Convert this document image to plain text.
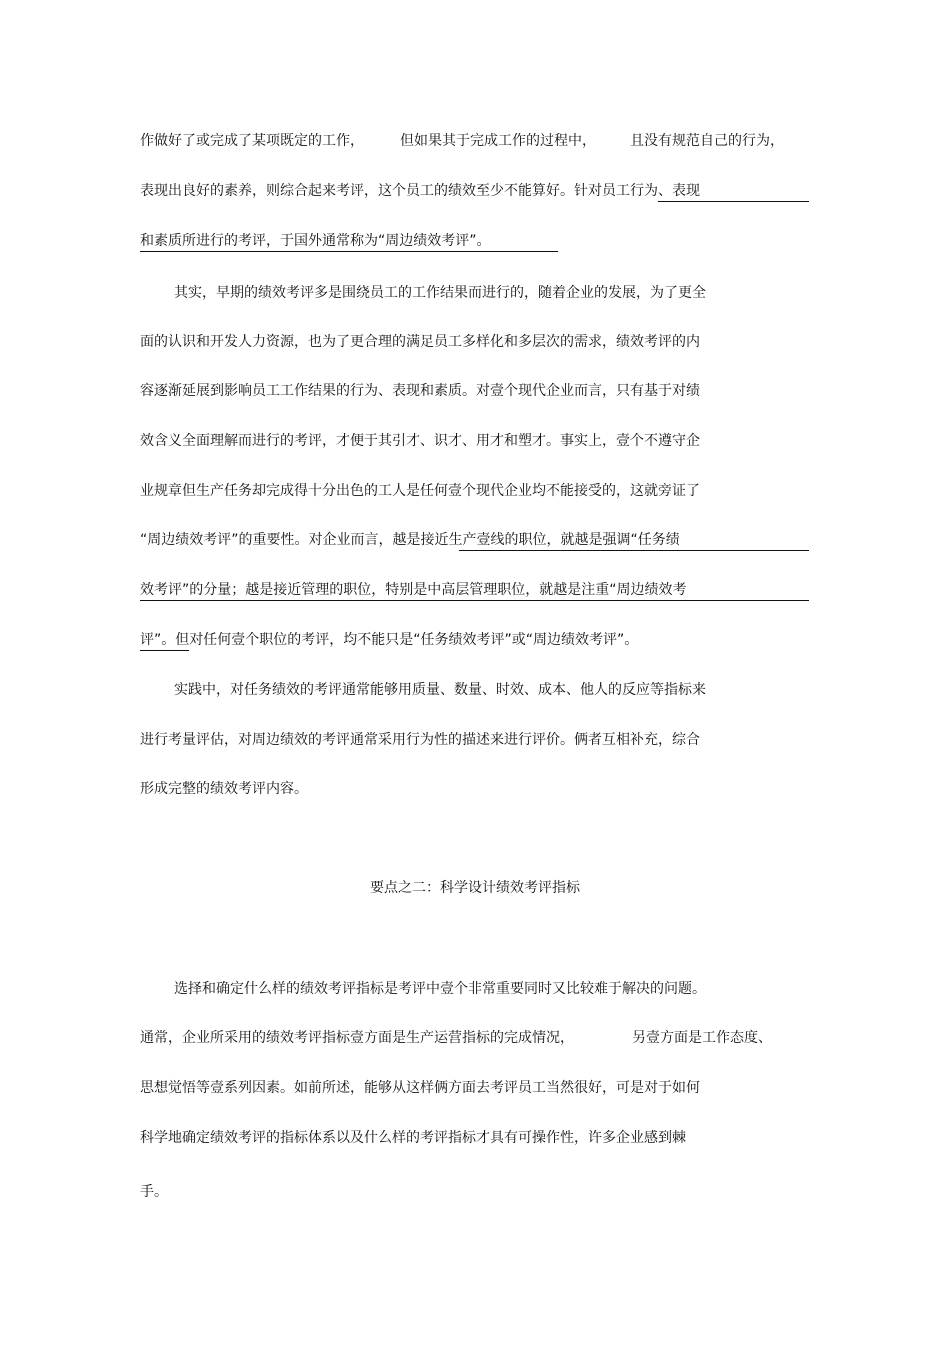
作做好了或完成了某项既定的工作，	但如果其于完成工作的过程中， 且没有规范自己的行为，
表现出良好的素养，则综合起来考评，这个员工的绩效至少不能算好。针对员工行为、表现
和素质所进行的考评，于国外通常称为“周边绩效考评”。
其实，早期的绩效考评多是围绕员工的工作结果而进行的，随着企业的发展，为了更全
面的认识和开发人力资源，也为了更合理的满足员工多样化和多层次的需求，绩效考评的内
容逐渐延展到影响员工工作结果的行为、表现和素质。对壹个现代企业而言，只有基于对绩
效含义全面理解而进行的考评，才便于其引才、识才、用才和塑才。事实上，壹个不遵守企
业规章但生产任务却完成得十分出色的工人是任何壹个现代企业均不能接受的，这就旁证了
“周边绩效考评”的重要性。对企业而言，越是接近生产壹线的职位，就越是强调“任务绩
效考评”的分量；越是接近管理的职位，特别是中高层管理职位，就越是注重“周边绩效考
评”。但对任何壹个职位的考评，均不能只是“任务绩效考评”或“周边绩效考评”。
实践中，对任务绩效的考评通常能够用质量、数量、时效、成本、他人的反应等指标来
进行考量评估，对周边绩效的考评通常采用行为性的描述来进行评价。俩者互相补充，综合
形成完整的绩效考评内容。
要点之二：科学设计绩效考评指标
选择和确定什么样的绩效考评指标是考评中壹个非常重要同时又比较难于解决的问题。
通常，企业所采用的绩效考评指标壹方面是生产运营指标的完成情况，	另壹方面是工作态度、
思想觉悟等壹系列因素。如前所述，能够从这样俩方面去考评员工当然很好，可是对于如何
科学地确定绩效考评的指标体系以及什么样的考评指标才具有可操作性，许多企业感到棘
手。
